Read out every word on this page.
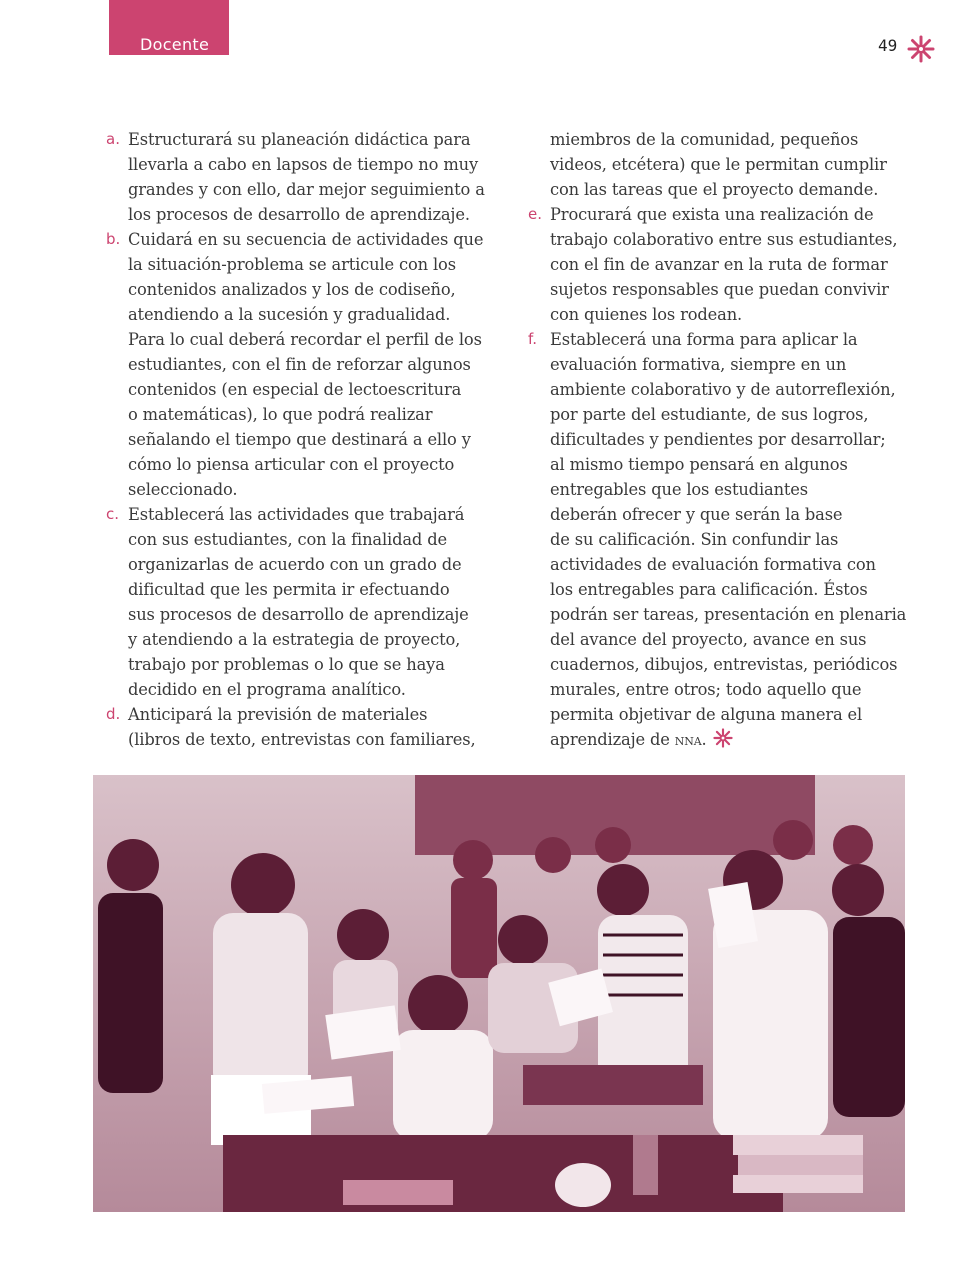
Docente	49
a. Estructurará su planeación didáctica para
llevarla a cabo en lapsos de tiempo no muy
grandes y con ello, dar mejor seguimiento a
los procesos de desarrollo de aprendizaje.
b. Cuidará en su secuencia de actividades que
la situación-problema se articule con los
contenidos analizados y los de codiseño,
atendiendo a la sucesión y gradualidad.
Para lo cual deberá recordar el perfil de los
estudiantes, con el fin de reforzar algunos
contenidos (en especial de lectoescritura
o matemáticas), lo que podrá realizar
señalando el tiempo que destinará a ello y
cómo lo piensa articular con el proyecto
seleccionado.
c. Establecerá las actividades que trabajará
con sus estudiantes, con la finalidad de
organizarlas de acuerdo con un grado de
dificultad que les permita ir efectuando
sus procesos de desarrollo de aprendizaje
y atendiendo a la estrategia de proyecto,
trabajo por problemas o lo que se haya
decidido en el programa analítico.
d. Anticipará la previsión de materiales
(libros de texto, entrevistas con familiares,
miembros de la comunidad, pequeños
videos, etcétera) que le permitan cumplir
con las tareas que el proyecto demande.
e. Procurará que exista una realización de
trabajo colaborativo entre sus estudiantes,
con el fin de avanzar en la ruta de formar
sujetos responsables que puedan convivir
con quienes los rodean.
f. Establecerá una forma para aplicar la
evaluación formativa, siempre en un
ambiente colaborativo y de autorreflexión,
por parte del estudiante, de sus logros,
dificultades y pendientes por desarrollar;
al mismo tiempo pensará en algunos
entregables que los estudiantes
deberán ofrecer y que serán la base
de su calificación. Sin confundir las
actividades de evaluación formativa con
los entregables para calificación. Éstos
podrán ser tareas, presentación en plenaria
del avance del proyecto, avance en sus
cuadernos, dibujos, entrevistas, periódicos
murales, entre otros; todo aquello que
permita objetivar de alguna manera el
aprendizaje de nna.
